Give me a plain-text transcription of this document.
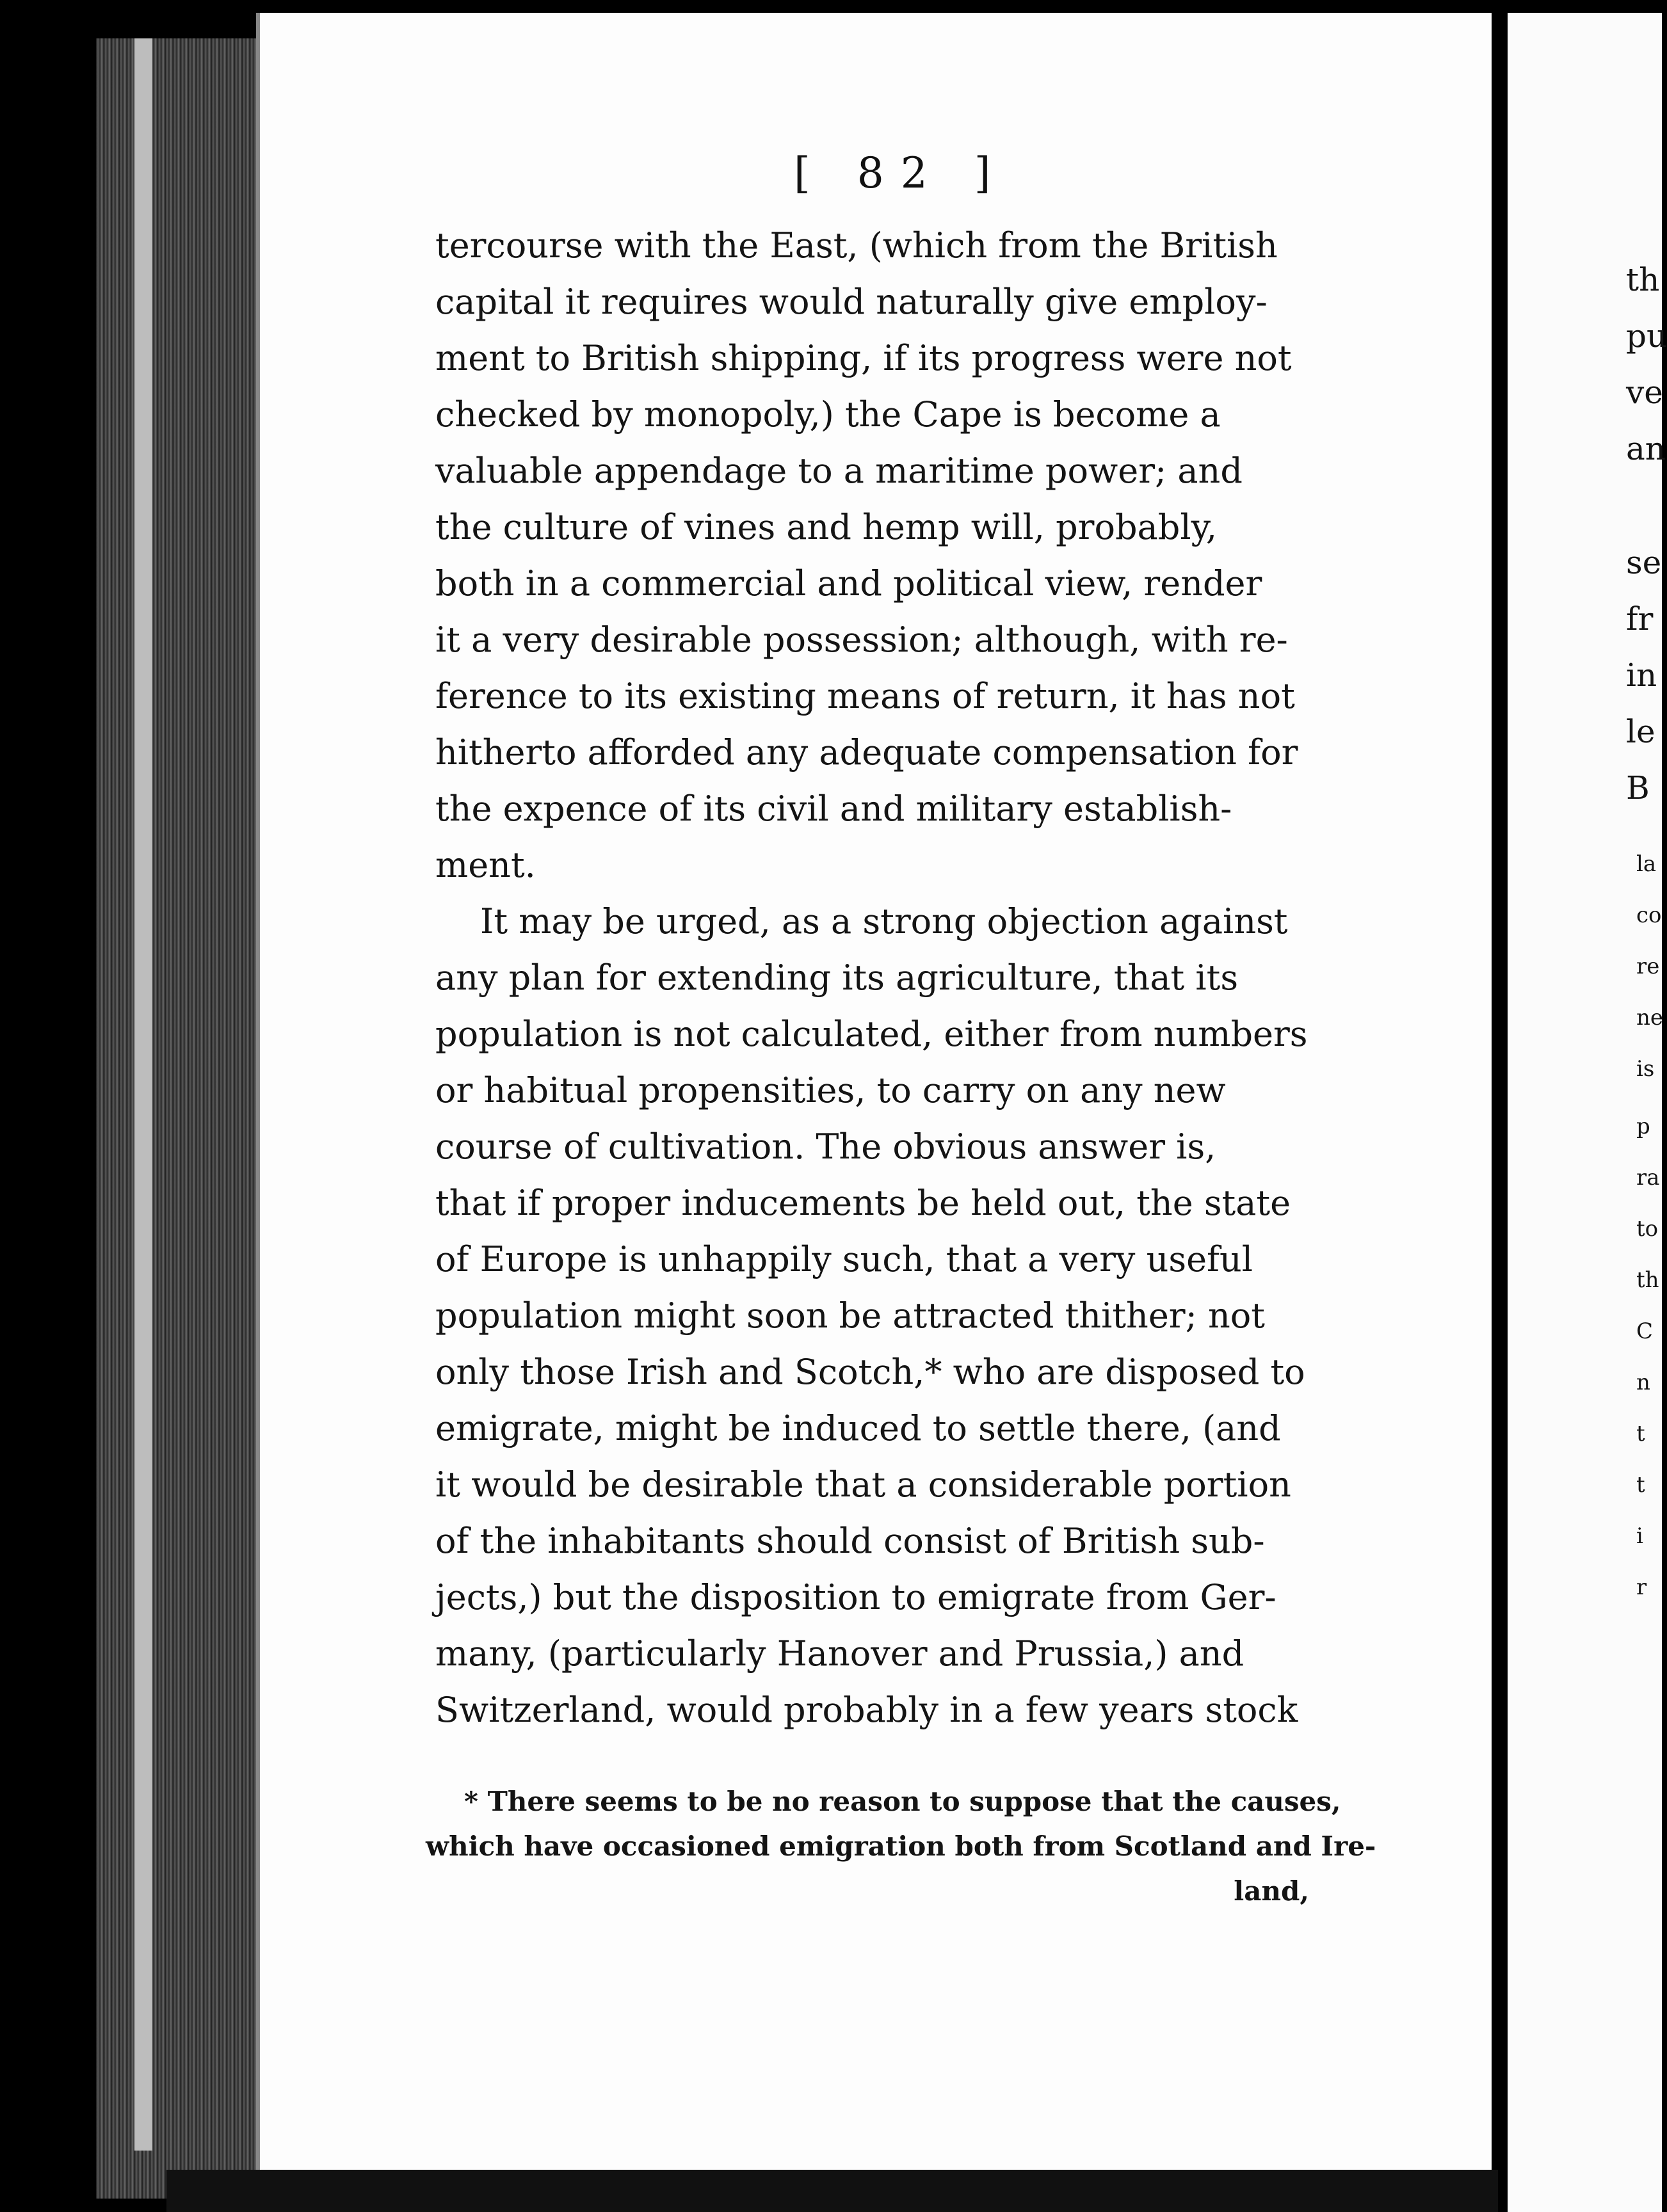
[ 82 ]
tercourse with the East, (which from the British
capital it requires would naturally give employ-
ment to British shipping, if its progress were not
checked by monopoly,) the Cape is become a
valuable appendage to a maritime power; and
the culture of vines and hemp will, probably,
both in a commercial and political view, render
it a very desirable possession; although, with re-
ference to its existing means of return, it has not
hitherto afforded any adequate compensation for
the expence of its civil and military establish-
ment.
It may be urged, as a strong objection against
any plan for extending its agriculture, that its
population is not calculated, either from numbers
or habitual propensities, to carry on any new
course of cultivation. The obvious answer is,
that if proper inducements be held out, the state
of Europe is unhappily such, that a very useful
population might soon be attracted thither; not
only those Irish and Scotch,* who are disposed to
emigrate, might be induced to settle there, (and
it would be desirable that a considerable portion
of the inhabitants should consist of British sub-
jects,) but the disposition to emigrate from Ger-
many, (particularly Hanover and Prussia,) and
Switzerland, would probably in a few years stock
* There seems to be no reason to suppose that the causes,
which have occasioned emigration both from Scotland and Ire-
land,
th
pu
ve
an
se
fr
in
le
B
la
co
re
ne
is
p
ra
to
th
C
n
t
t
i
r
